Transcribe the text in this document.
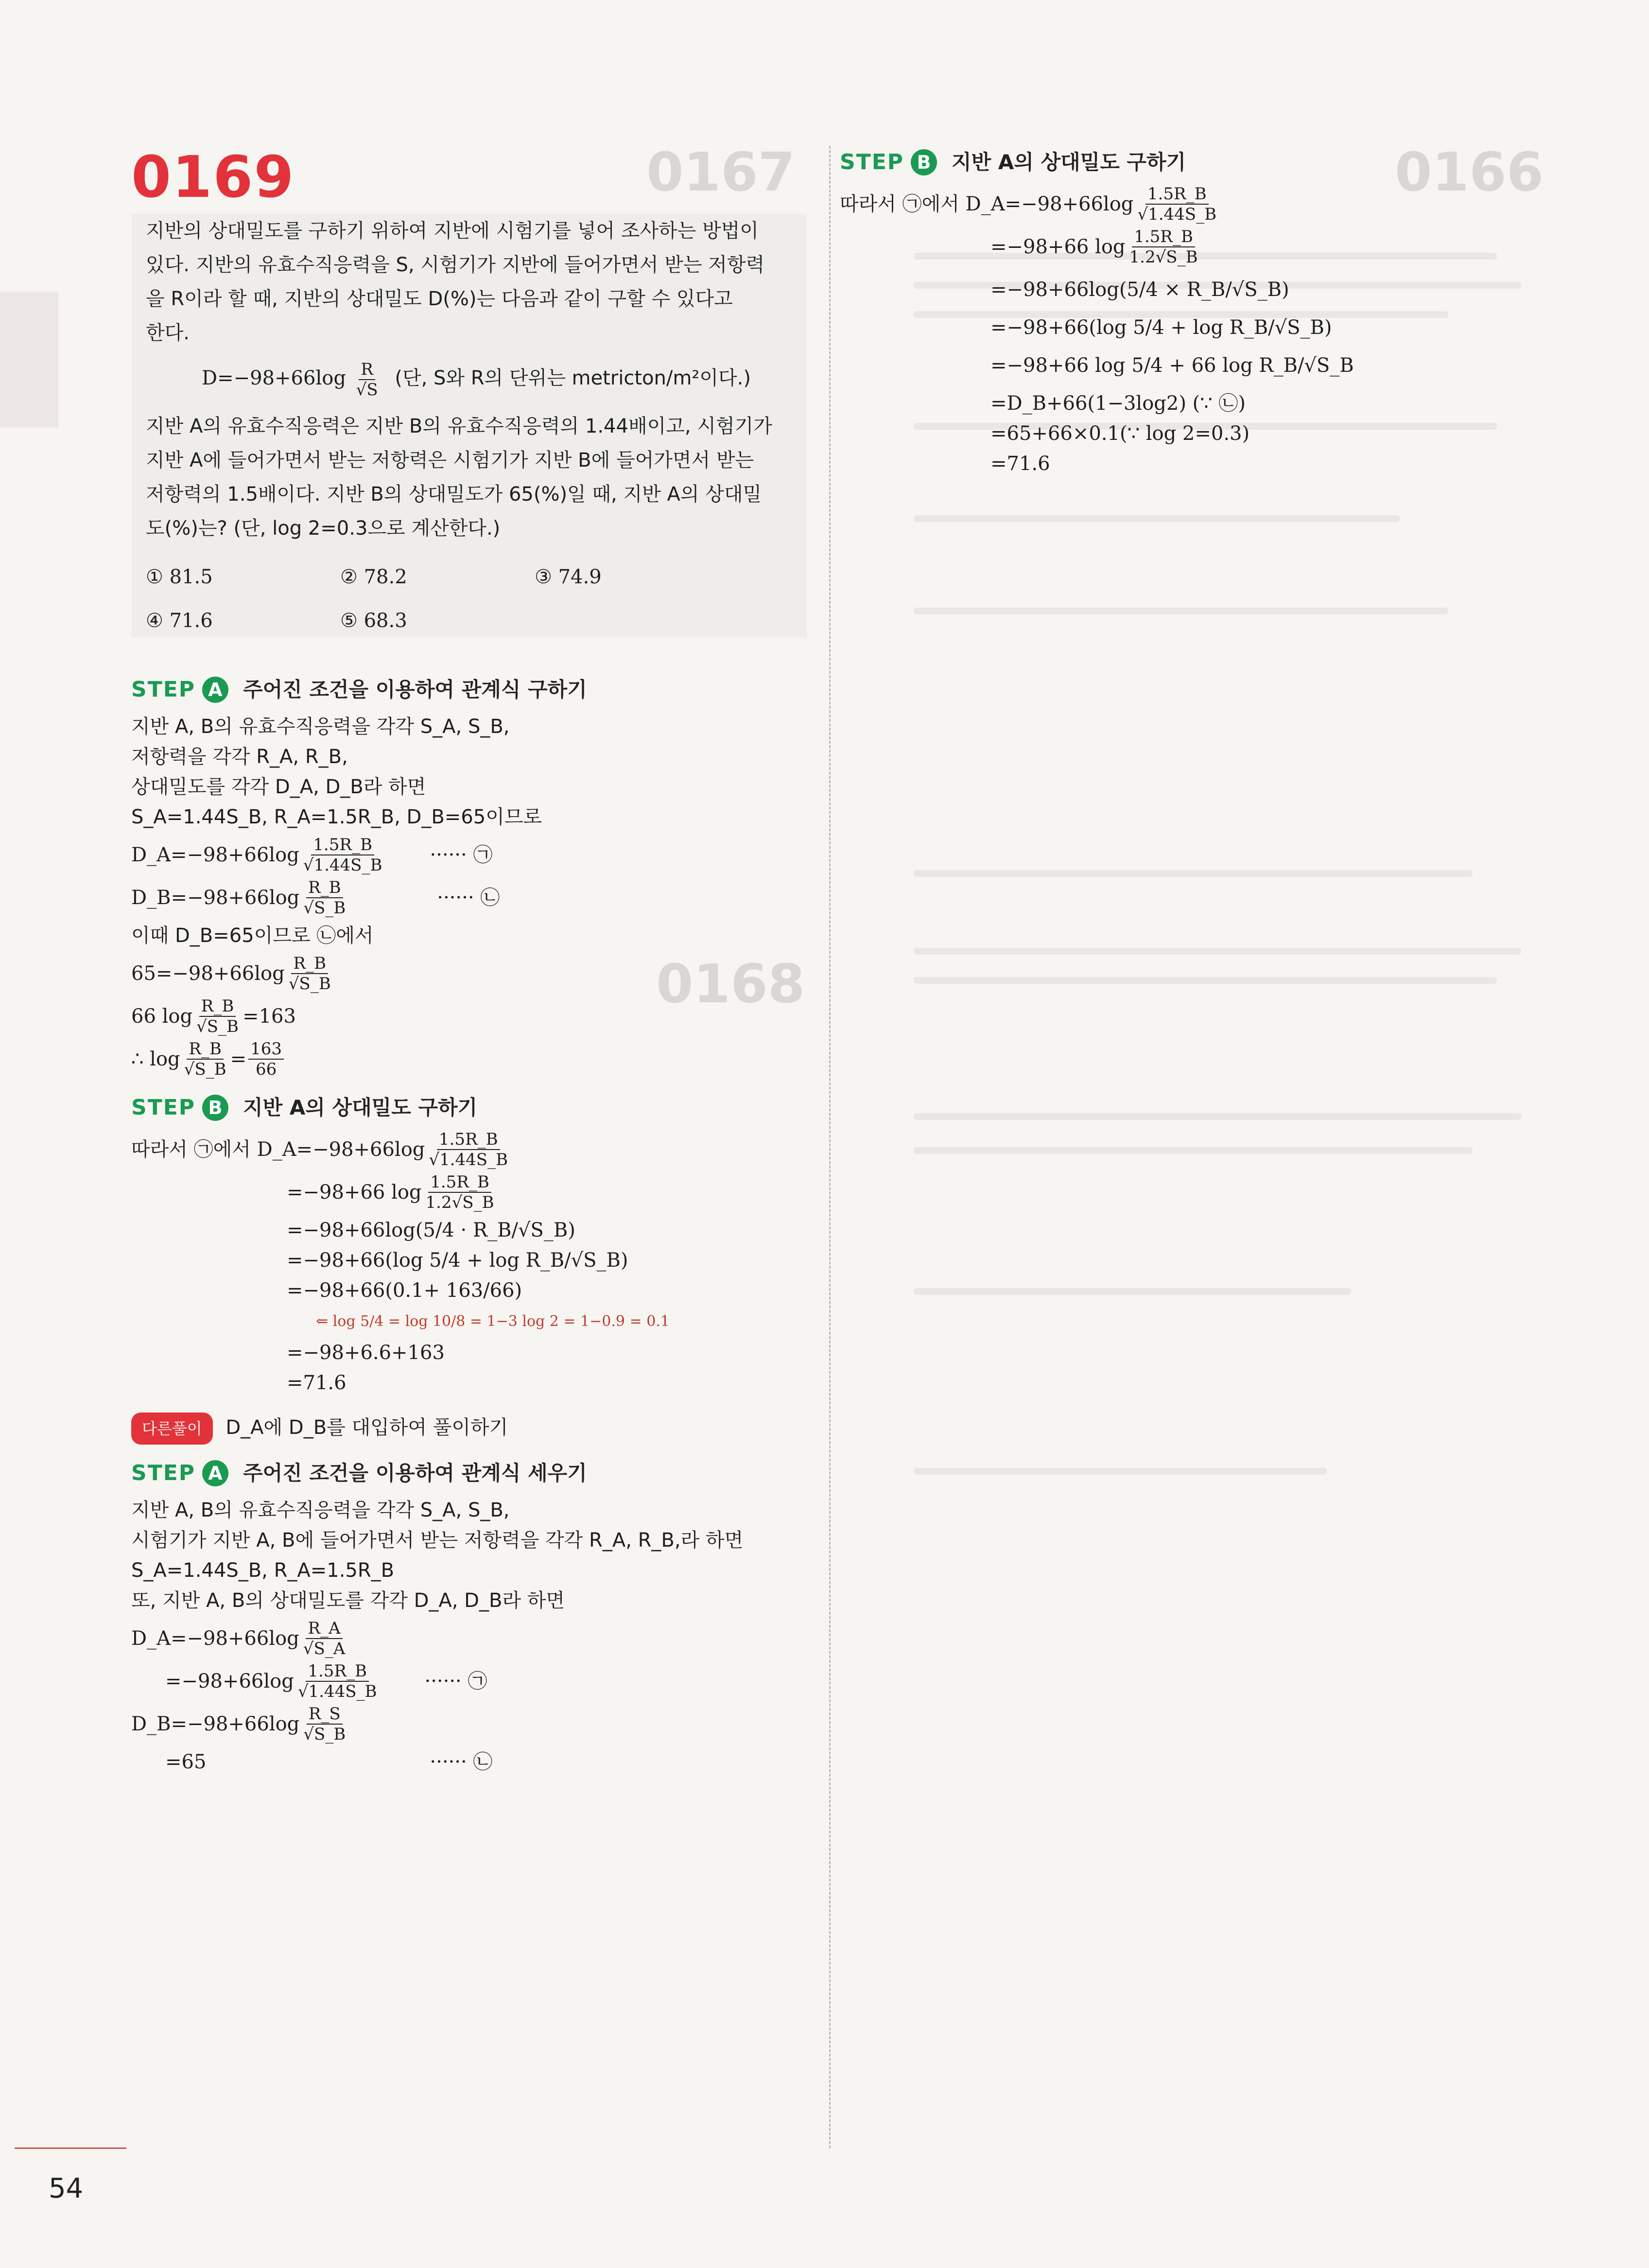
0167	0166
0168
0169

지반의 상대밀도를 구하기 위하여 지반에 시험기를 넣어 조사하는 방법이

있다. 지반의 유효수직응력을 S, 시험기가 지반에 들어가면서 받는 저항력

을 R이라 할 때, 지반의 상대밀도 D(%)는 다음과 같이 구할 수 있다고

한다.

$D=-98+66\log \frac{R}{√S}$ (단, S와 R의 단위는 metricton/m²이다.)

지반 A의 유효수직응력은 지반 B의 유효수직응력의 1.44배이고, 시험기가

지반 A에 들어가면서 받는 저항력은 시험기가 지반 B에 들어가면서 받는

저항력의 1.5배이다. 지반 B의 상대밀도가 65(%)일 때, 지반 A의 상대밀

도(%)는? (단, log 2=0.3으로 계산한다.)

① 81.5	② 78.2	③ 74.9
④ 71.6	⑤ 68.3
STEP A 주어진 조건을 이용하여 관계식 구하기
지반 A, B의 유효수직응력을 각각 S_A, S_B,
저항력을 각각 R_A, R_B,
상대밀도를 각각 D_A, D_B라 하면
S_A=1.44S_B, R_A=1.5R_B, D_B=65이므로
D_A=−98+66log $\frac{1.5R\_B}{√1.44S\_B}$ ······ ㉠
D_B=−98+66log $\frac{R\_B}{√S\_B}$	······ ㉡
이때 D_B=65이므로 ㉡에서
$65=-98+66\log \frac{R\_B}{√S\_B}$
66 $\log \frac{R\_B}{√S\_B} =163$
∴ $\log \frac{R\_B}{√S\_B} = \frac{163}{66}$
STEP B 지반 A의 상대밀도 구하기
따라서 ㉠에서 D_A=−98+66log $\frac{1.5R\_B}{√1.44S\_B}$
=−98+66 $\log \frac{1.5R\_B}{1.2√S\_B}$
=−98+66log(5/4 · R_B/√S_B)
=−98+66(log 5/4 + log R_B/√S_B)
=−98+66(0.1+ 163/66)
⇐ log 5/4 = log 10/8 = 1−3 log 2 = 1−0.9 = 0.1
=−98+6.6+163
=71.6
다른풀이 D_A에 D_B를 대입하여 풀이하기
STEP A 주어진 조건을 이용하여 관계식 세우기
지반 A, B의 유효수직응력을 각각 S_A, S_B,
시험기가 지반 A, B에 들어가면서 받는 저항력을 각각 R_A, R_B,라 하면
S_A=1.44S_B, R_A=1.5R_B
또, 지반 A, B의 상대밀도를 각각 D_A, D_B라 하면
D_A=−98+66log $\frac{R\_A}{√S\_A}$
$=-98+66\log \frac{1.5R\_B}{√1.44S\_B}$ ······ ㉠
D_B=−98+66log $\frac{R\_S}{√S\_B}$
=65	······ ㉡
STEP B 지반 A의 상대밀도 구하기
따라서 ㉠에서 D_A=−98+66log $\frac{1.5R\_B}{√1.44S\_B}$
=−98+66 $\log \frac{1.5R\_B}{1.2√S\_B}$
=−98+66log(5/4 × R_B/√S_B)
=−98+66(log 5/4 + log R_B/√S_B)
=−98+66 log 5/4 + 66 log R_B/√S_B
=D_B+66(1−3log2) (∵ ㉡)
=65+66×0.1(∵ log 2=0.3)
=71.6
54
